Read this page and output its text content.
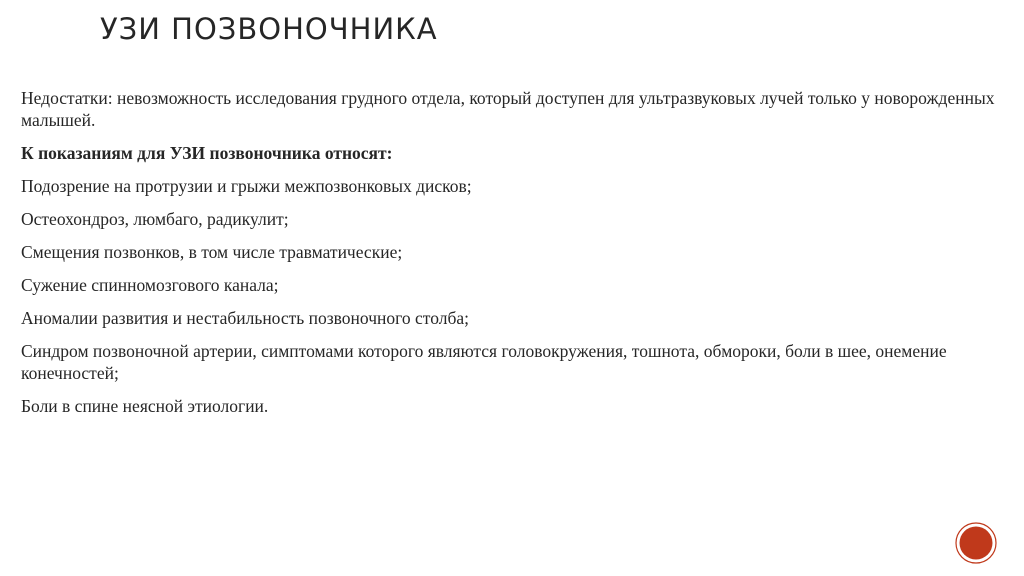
УЗИ ПОЗВОНОЧНИКА

Недостатки: невозможность исследования грудного отдела, который доступен для ультразвуковых лучей только у новорожденных малышей.

К показаниям для УЗИ позвоночника относят:

Подозрение на протрузии и грыжи межпозвонковых дисков;

Остеохондроз, люмбаго, радикулит;

Смещения позвонков, в том числе травматические;

Сужение спинномозгового канала;

Аномалии развития и нестабильность позвоночного столба;

Синдром позвоночной артерии, симптомами которого являются головокружения, тошнота, обмороки, боли в шее, онемение конечностей;

Боли в спине неясной этиологии.
